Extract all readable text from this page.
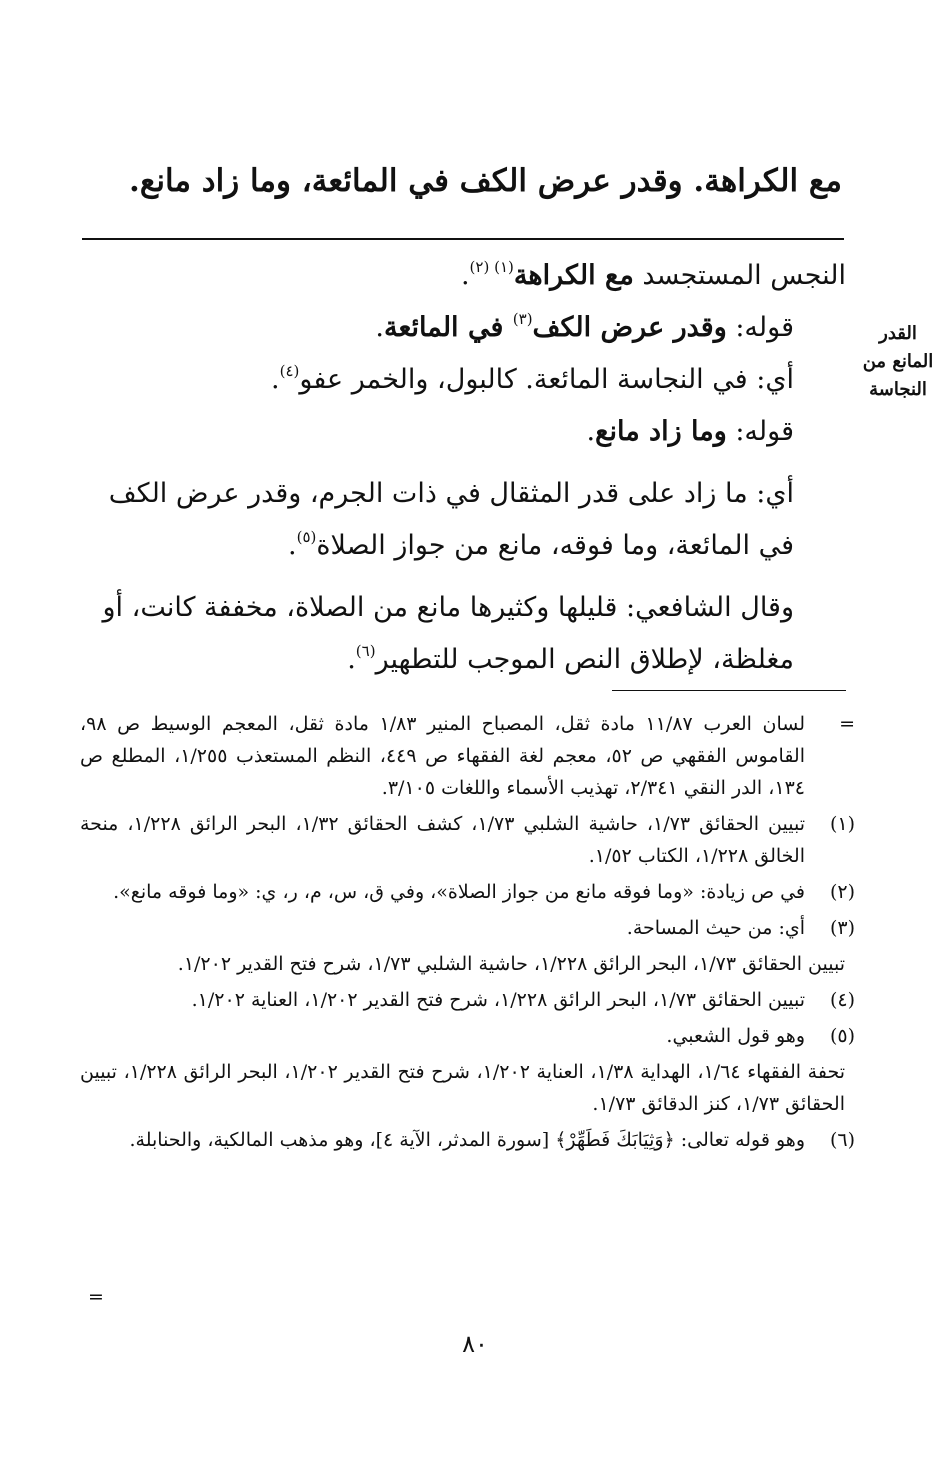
مع الكراهة. وقدر عرض الكف في المائعة، وما زاد مانع.
القدر
المانع من
النجاسة

النجس المستجسد مع الكراهة$^{(١) (٢)}$.

قوله: وقدر عرض الكف$^{(٣)}$ في المائعة.

أي: في النجاسة المائعة. كالبول، والخمر عفو$^{(٤)}$.

قوله: وما زاد مانع.

أي: ما زاد على قدر المثقال في ذات الجرم، وقدر عرض الكف في المائعة، وما فوقه، مانع من جواز الصلاة$^{(٥)}$.

وقال الشافعي: قليلها وكثيرها مانع من الصلاة، مخففة كانت، أو مغلظة، لإطلاق النص الموجب للتطهير$^{(٦)}$.

=
لسان العرب ١١/٨٧ مادة ثقل، المصباح المنير ١/٨٣ مادة ثقل، المعجم الوسيط ص ٩٨، القاموس الفقهي ص ٥٢، معجم لغة الفقهاء ص ٤٤٩، النظم المستعذب ١/٢٥٥، المطلع ص ١٣٤، الدر النقي ٢/٣٤١، تهذيب الأسماء واللغات ٣/١٠٥.
(١)
تبيين الحقائق ١/٧٣، حاشية الشلبي ١/٧٣، كشف الحقائق ١/٣٢، البحر الرائق ١/٢٢٨، منحة الخالق ١/٢٢٨، الكتاب ١/٥٢.
(٢)
في ص زيادة: «وما فوقه مانع من جواز الصلاة»، وفي ق، س، م، ر، ي: «وما فوقه مانع».
(٣)
أي: من حيث المساحة.
تبيين الحقائق ١/٧٣، البحر الرائق ١/٢٢٨، حاشية الشلبي ١/٧٣، شرح فتح القدير ١/٢٠٢.
(٤)
تبيين الحقائق ١/٧٣، البحر الرائق ١/٢٢٨، شرح فتح القدير ١/٢٠٢، العناية ١/٢٠٢.
(٥)
وهو قول الشعبي.
تحفة الفقهاء ١/٦٤، الهداية ١/٣٨، العناية ١/٢٠٢، شرح فتح القدير ١/٢٠٢، البحر الرائق ١/٢٢٨، تبيين الحقائق ١/٧٣، كنز الدقائق ١/٧٣.
(٦)
وهو قوله تعالى: ﴿وَثِيَابَكَ فَطَهِّرْ﴾ [سورة المدثر، الآية ٤]، وهو مذهب المالكية، والحنابلة.
=
٨٠
